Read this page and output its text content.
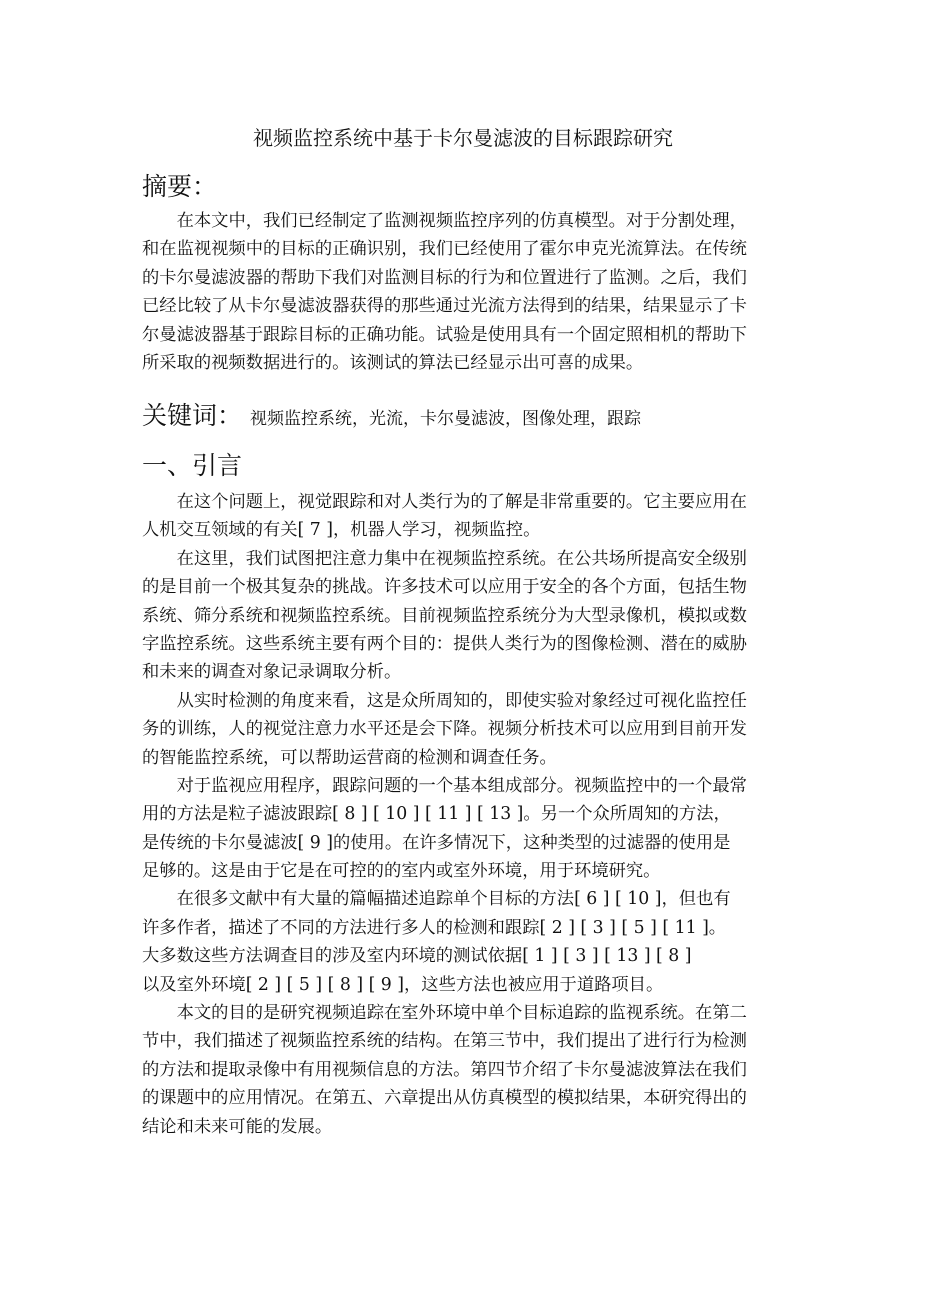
视频监控系统中基于卡尔曼滤波的目标跟踪研究
摘要：

在本文中，我们已经制定了监测视频监控序列的仿真模型。对于分割处理，
和在监视视频中的目标的正确识别，我们已经使用了霍尔申克光流算法。在传统
的卡尔曼滤波器的帮助下我们对监测目标的行为和位置进行了监测。之后，我们
已经比较了从卡尔曼滤波器获得的那些通过光流方法得到的结果，结果显示了卡
尔曼滤波器基于跟踪目标的正确功能。试验是使用具有一个固定照相机的帮助下
所采取的视频数据进行的。该测试的算法已经显示出可喜的成果。

关键词： 视频监控系统，光流，卡尔曼滤波，图像处理，跟踪
一、引言

在这个问题上，视觉跟踪和对人类行为的了解是非常重要的。它主要应用在
人机交互领域的有关[ 7 ]，机器人学习，视频监控。

在这里，我们试图把注意力集中在视频监控系统。在公共场所提高安全级别
的是目前一个极其复杂的挑战。许多技术可以应用于安全的各个方面，包括生物
系统、筛分系统和视频监控系统。目前视频监控系统分为大型录像机，模拟或数
字监控系统。这些系统主要有两个目的：提供人类行为的图像检测、潜在的威胁
和未来的调查对象记录调取分析。

从实时检测的角度来看，这是众所周知的，即使实验对象经过可视化监控任
务的训练，人的视觉注意力水平还是会下降。视频分析技术可以应用到目前开发
的智能监控系统，可以帮助运营商的检测和调查任务。

对于监视应用程序，跟踪问题的一个基本组成部分。视频监控中的一个最常
用的方法是粒子滤波跟踪[ 8 ] [ 10 ] [ 11 ] [ 13 ]。另一个众所周知的方法，
是传统的卡尔曼滤波[ 9 ]的使用。在许多情况下，这种类型的过滤器的使用是
足够的。这是由于它是在可控的的室内或室外环境，用于环境研究。

在很多文献中有大量的篇幅描述追踪单个目标的方法[ 6 ] [ 10 ]，但也有
许多作者，描述了不同的方法进行多人的检测和跟踪[ 2 ] [ 3 ] [ 5 ] [ 11 ]。
大多数这些方法调查目的涉及室内环境的测试依据[ 1 ] [ 3 ] [ 13 ] [ 8 ]
以及室外环境[ 2 ] [ 5 ] [ 8 ] [ 9 ]，这些方法也被应用于道路项目。

本文的目的是研究视频追踪在室外环境中单个目标追踪的监视系统。在第二
节中，我们描述了视频监控系统的结构。在第三节中，我们提出了进行行为检测
的方法和提取录像中有用视频信息的方法。第四节介绍了卡尔曼滤波算法在我们
的课题中的应用情况。在第五、六章提出从仿真模型的模拟结果，本研究得出的
结论和未来可能的发展。
